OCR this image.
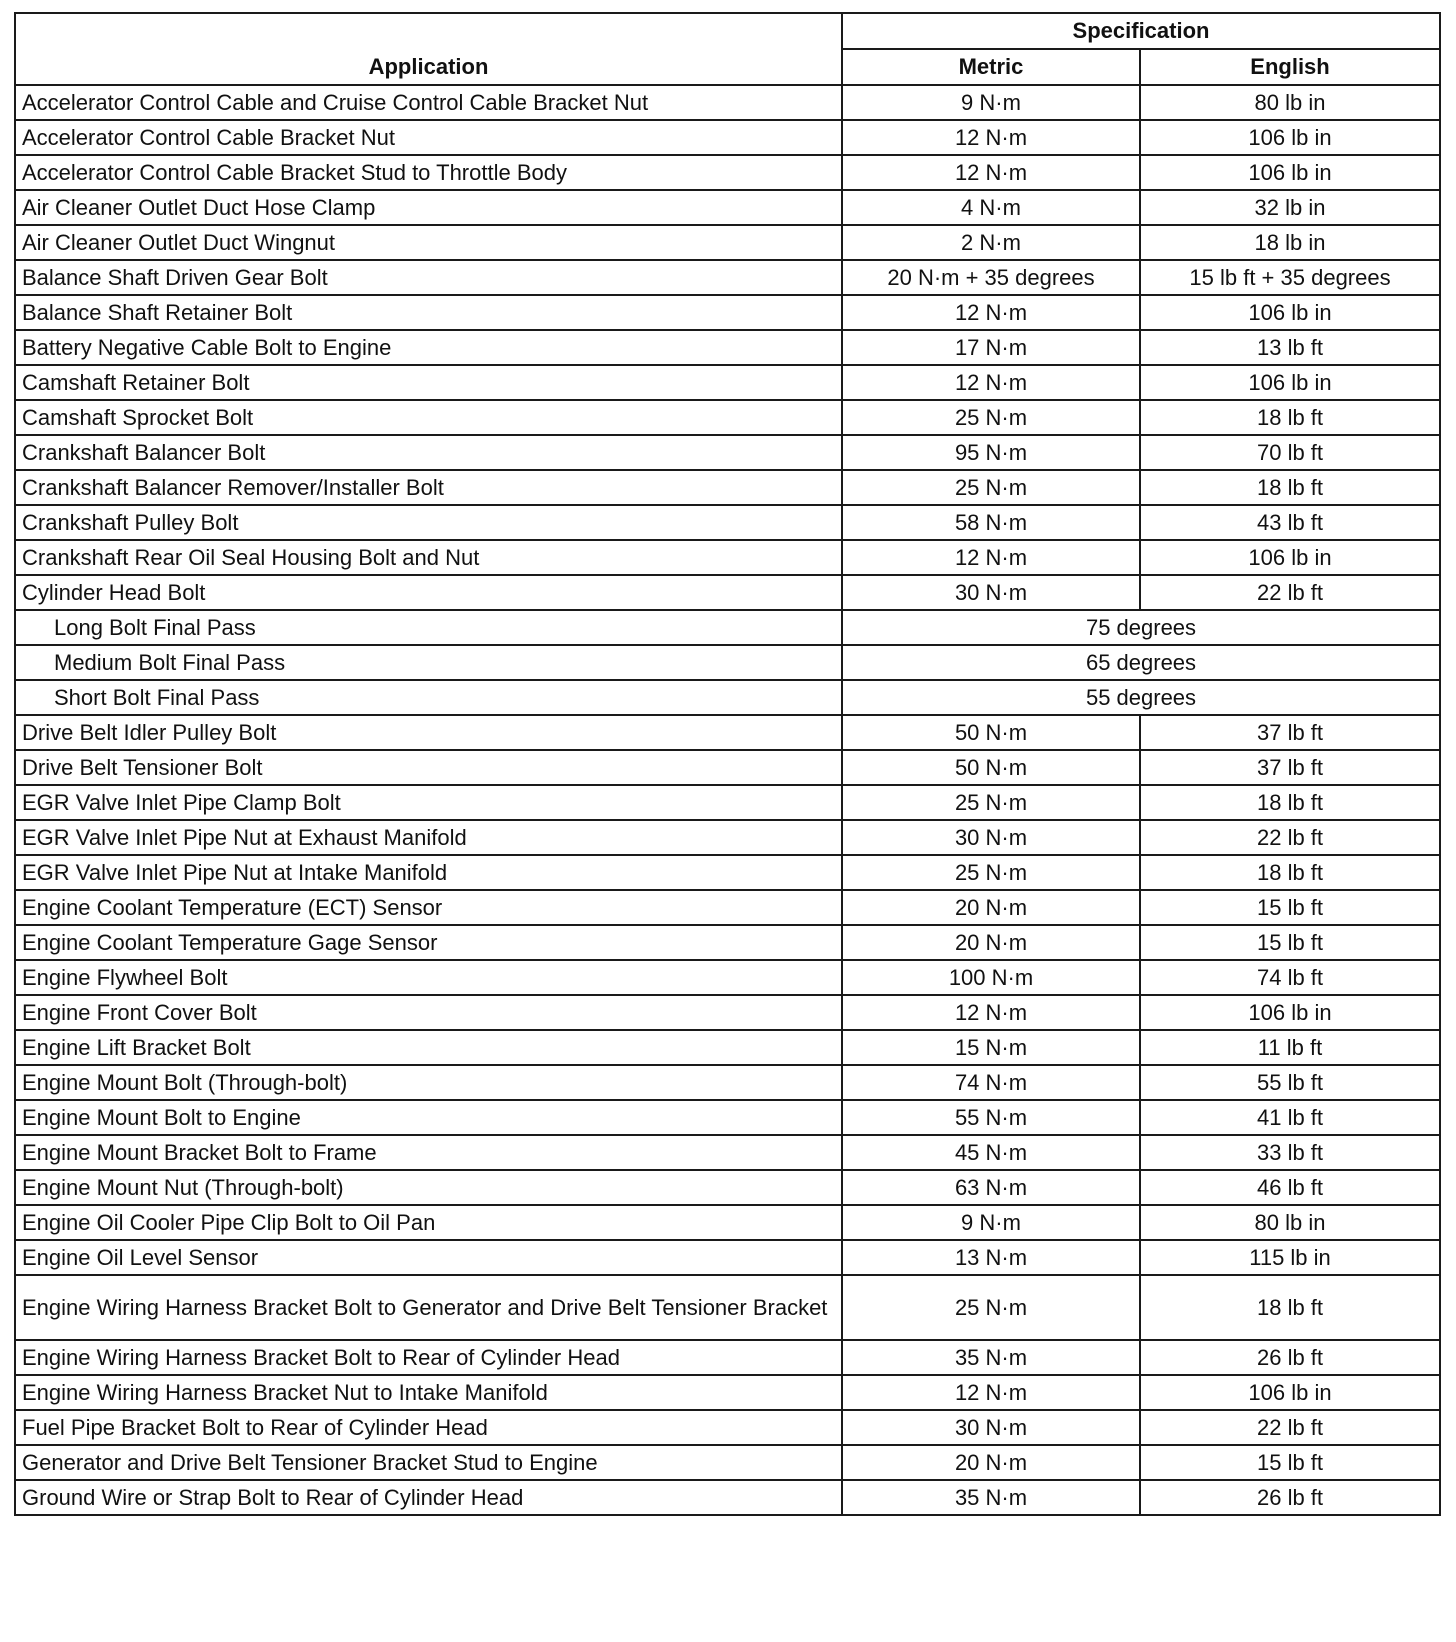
Application	Specification	
	Metric	English
Accelerator Control Cable and Cruise Control Cable Bracket Nut	9 N·m	80 lb in
Accelerator Control Cable Bracket Nut	12 N·m	106 lb in
Accelerator Control Cable Bracket Stud to Throttle Body	12 N·m	106 lb in
Air Cleaner Outlet Duct Hose Clamp	4 N·m	32 lb in
Air Cleaner Outlet Duct Wingnut	2 N·m	18 lb in
Balance Shaft Driven Gear Bolt	20 N·m + 35 degrees	15 lb ft + 35 degrees
Balance Shaft Retainer Bolt	12 N·m	106 lb in
Battery Negative Cable Bolt to Engine	17 N·m	13 lb ft
Camshaft Retainer Bolt	12 N·m	106 lb in
Camshaft Sprocket Bolt	25 N·m	18 lb ft
Crankshaft Balancer Bolt	95 N·m	70 lb ft
Crankshaft Balancer Remover/Installer Bolt	25 N·m	18 lb ft
Crankshaft Pulley Bolt	58 N·m	43 lb ft
Crankshaft Rear Oil Seal Housing Bolt and Nut	12 N·m	106 lb in
Cylinder Head Bolt	30 N·m	22 lb ft
Long Bolt Final Pass	75 degrees	
Medium Bolt Final Pass	65 degrees	
Short Bolt Final Pass	55 degrees	
Drive Belt Idler Pulley Bolt	50 N·m	37 lb ft
Drive Belt Tensioner Bolt	50 N·m	37 lb ft
EGR Valve Inlet Pipe Clamp Bolt	25 N·m	18 lb ft
EGR Valve Inlet Pipe Nut at Exhaust Manifold	30 N·m	22 lb ft
EGR Valve Inlet Pipe Nut at Intake Manifold	25 N·m	18 lb ft
Engine Coolant Temperature (ECT) Sensor	20 N·m	15 lb ft
Engine Coolant Temperature Gage Sensor	20 N·m	15 lb ft
Engine Flywheel Bolt	100 N·m	74 lb ft
Engine Front Cover Bolt	12 N·m	106 lb in
Engine Lift Bracket Bolt	15 N·m	11 lb ft
Engine Mount Bolt (Through-bolt)	74 N·m	55 lb ft
Engine Mount Bolt to Engine	55 N·m	41 lb ft
Engine Mount Bracket Bolt to Frame	45 N·m	33 lb ft
Engine Mount Nut (Through-bolt)	63 N·m	46 lb ft
Engine Oil Cooler Pipe Clip Bolt to Oil Pan	9 N·m	80 lb in
Engine Oil Level Sensor	13 N·m	115 lb in
Engine Wiring Harness Bracket Bolt to Generator and Drive Belt Tensioner Bracket	25 N·m	18 lb ft
Engine Wiring Harness Bracket Bolt to Rear of Cylinder Head	35 N·m	26 lb ft
Engine Wiring Harness Bracket Nut to Intake Manifold	12 N·m	106 lb in
Fuel Pipe Bracket Bolt to Rear of Cylinder Head	30 N·m	22 lb ft
Generator and Drive Belt Tensioner Bracket Stud to Engine	20 N·m	15 lb ft
Ground Wire or Strap Bolt to Rear of Cylinder Head	35 N·m	26 lb ft
